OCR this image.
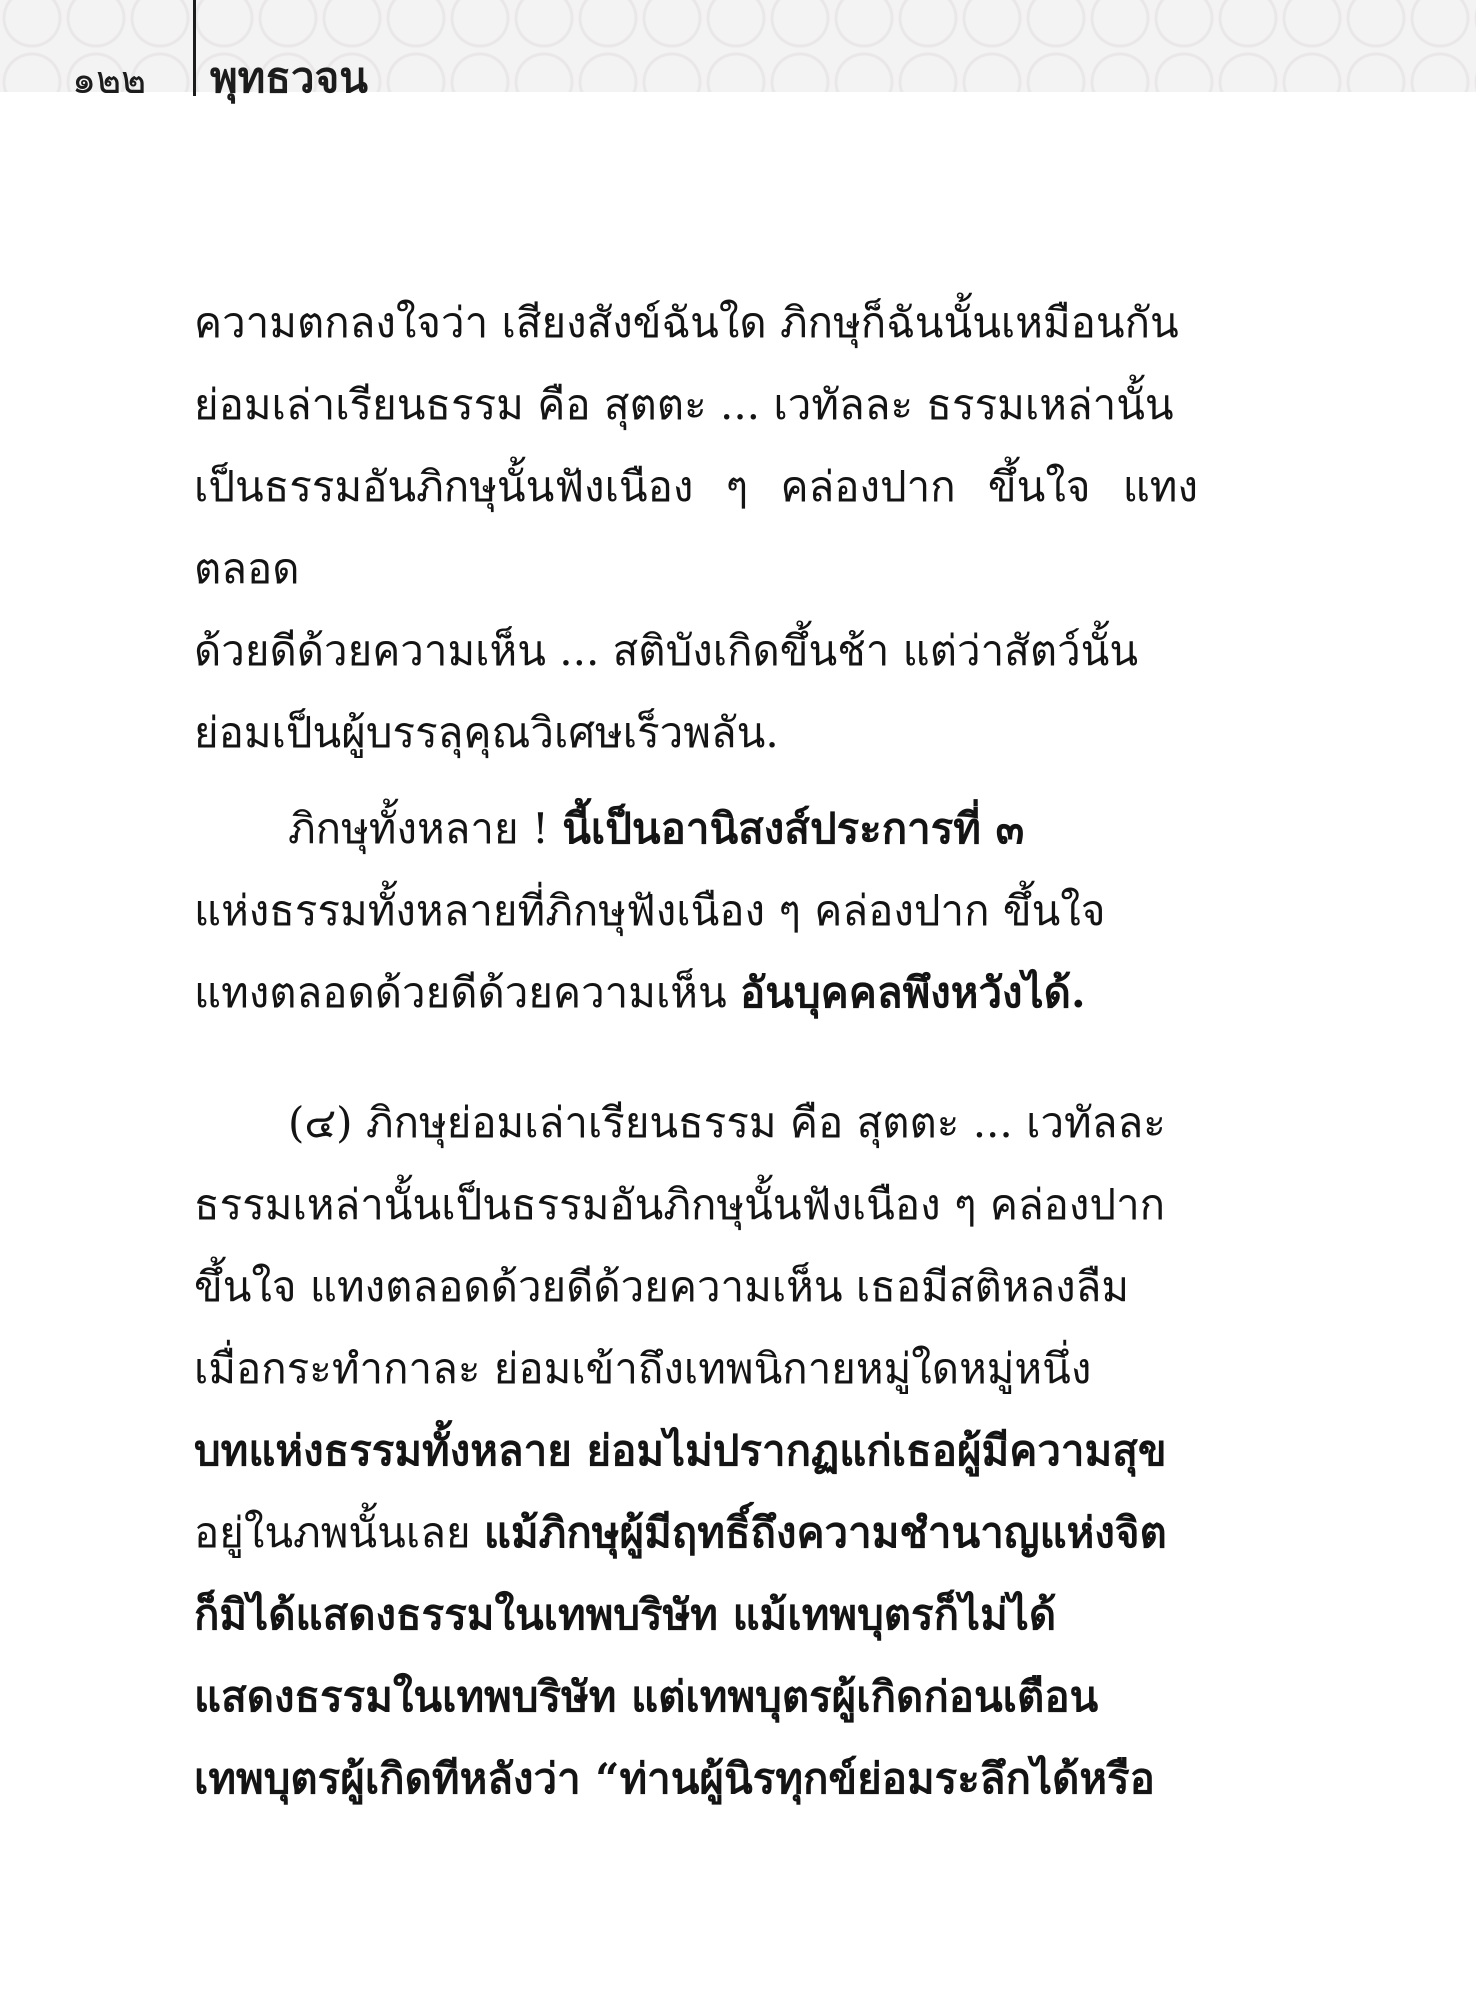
๑๒๒ พุทธวจน

ความตกลงใจว่า เสียงสังข์ฉันใด ภิกษุก็ฉันนั้นเหมือนกัน
ย่อมเล่าเรียนธรรม คือ สุตตะ ... เวทัลละ ธรรมเหล่านั้น
เป็นธรรมอันภิกษุนั้นฟังเนือง ๆ คล่องปาก ขึ้นใจ แทงตลอด
ด้วยดีด้วยความเห็น ... สติบังเกิดขึ้นช้า แต่ว่าสัตว์นั้น
ย่อมเป็นผู้บรรลุคุณวิเศษเร็วพลัน.

ภิกษุทั้งหลาย ! นี้เป็นอานิสงส์ประการที่ ๓
แห่งธรรมทั้งหลายที่ภิกษุฟังเนือง ๆ คล่องปาก ขึ้นใจ
แทงตลอดด้วยดีด้วยความเห็น อันบุคคลพึงหวังได้.

(๔) ภิกษุย่อมเล่าเรียนธรรม คือ สุตตะ ... เวทัลละ
ธรรมเหล่านั้นเป็นธรรมอันภิกษุนั้นฟังเนือง ๆ คล่องปาก
ขึ้นใจ แทงตลอดด้วยดีด้วยความเห็น เธอมีสติหลงลืม
เมื่อกระทำกาละ ย่อมเข้าถึงเทพนิกายหมู่ใดหมู่หนึ่ง
บทแห่งธรรมทั้งหลาย ย่อมไม่ปรากฏแก่เธอผู้มีความสุข
อยู่ในภพนั้นเลย แม้ภิกษุผู้มีฤทธิ์ถึงความชำนาญแห่งจิต
ก็มิได้แสดงธรรมในเทพบริษัท แม้เทพบุตรก็ไม่ได้
แสดงธรรมในเทพบริษัท แต่เทพบุตรผู้เกิดก่อนเตือน
เทพบุตรผู้เกิดทีหลังว่า “ท่านผู้นิรทุกข์ย่อมระลึกได้หรือ
